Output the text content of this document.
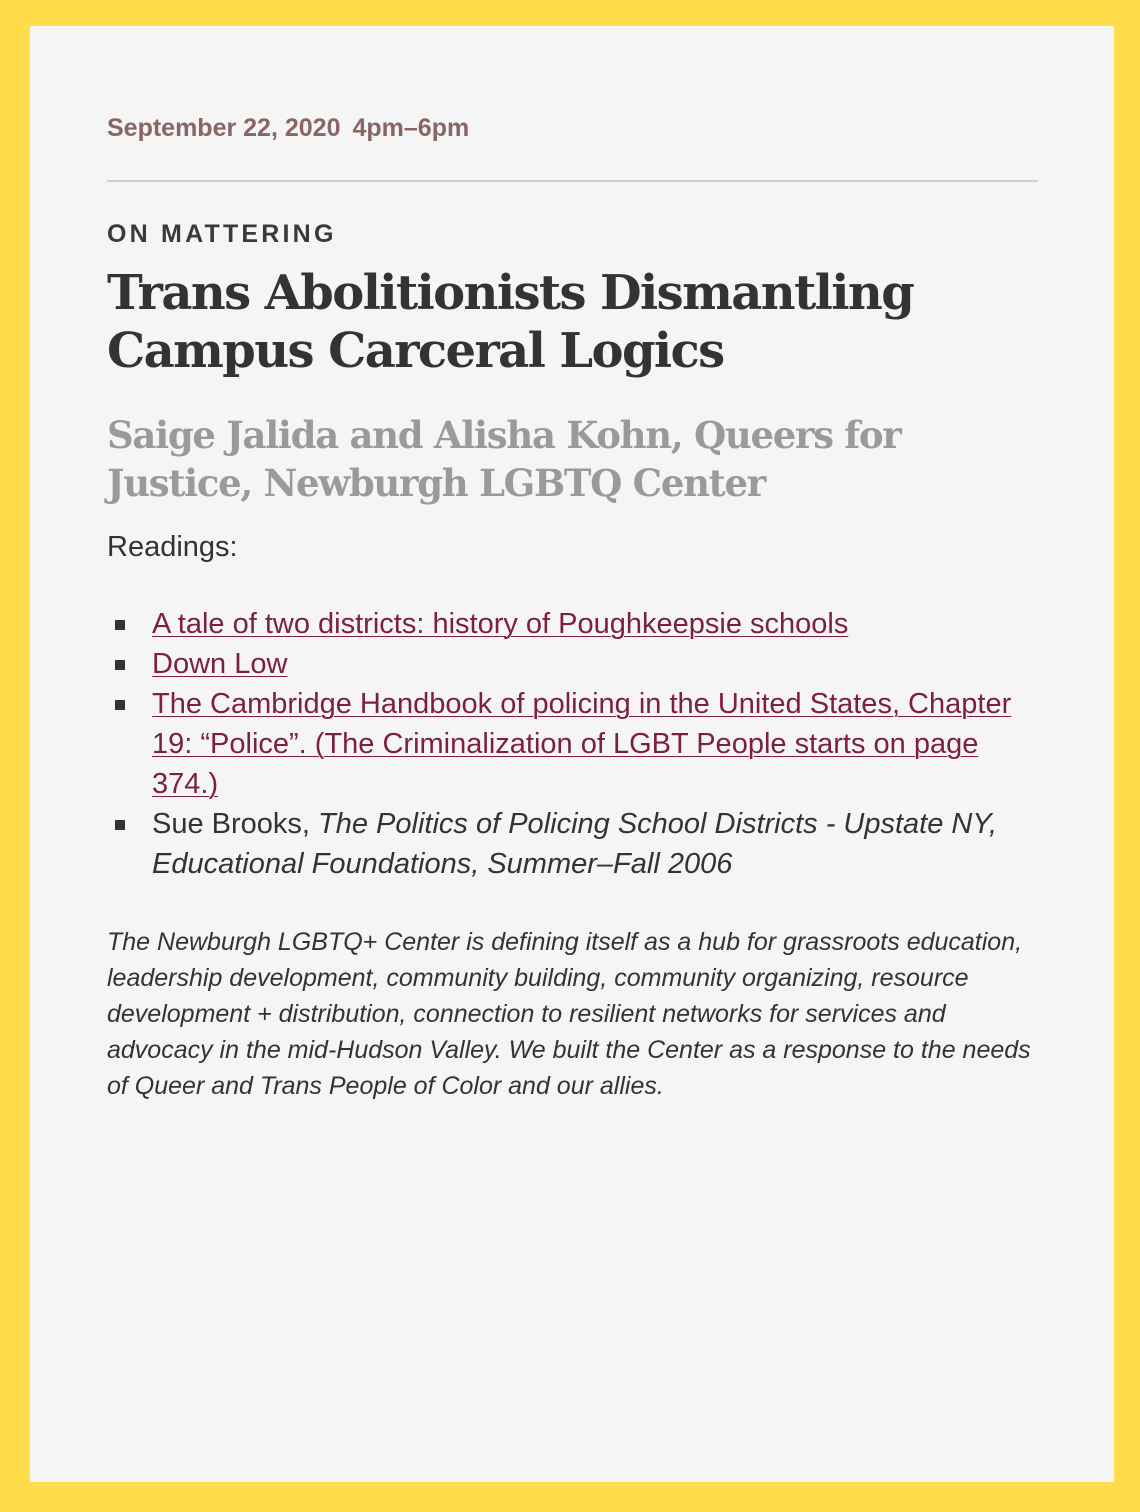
September 22, 2020 4pm–6pm

ON MATTERING

Trans Abolitionists Dismantling Campus Carceral Logics
Saige Jalida and Alisha Kohn, Queers for Justice, Newburgh LGBTQ Center

Readings:

A tale of two districts: history of Poughkeepsie schools
Down Low
The Cambridge Handbook of policing in the United States, Chapter 19: “Police”. (The Criminalization of LGBT People starts on page 374.)
Sue Brooks, The Politics of Policing School Districts - Upstate NY, Educational Foundations, Summer–Fall 2006

The Newburgh LGBTQ+ Center is defining itself as a hub for grassroots education, leadership development, community building, community organizing, resource development + distribution, connection to resilient networks for services and advocacy in the mid-Hudson Valley. We built the Center as a response to the needs of Queer and Trans People of Color and our allies.
